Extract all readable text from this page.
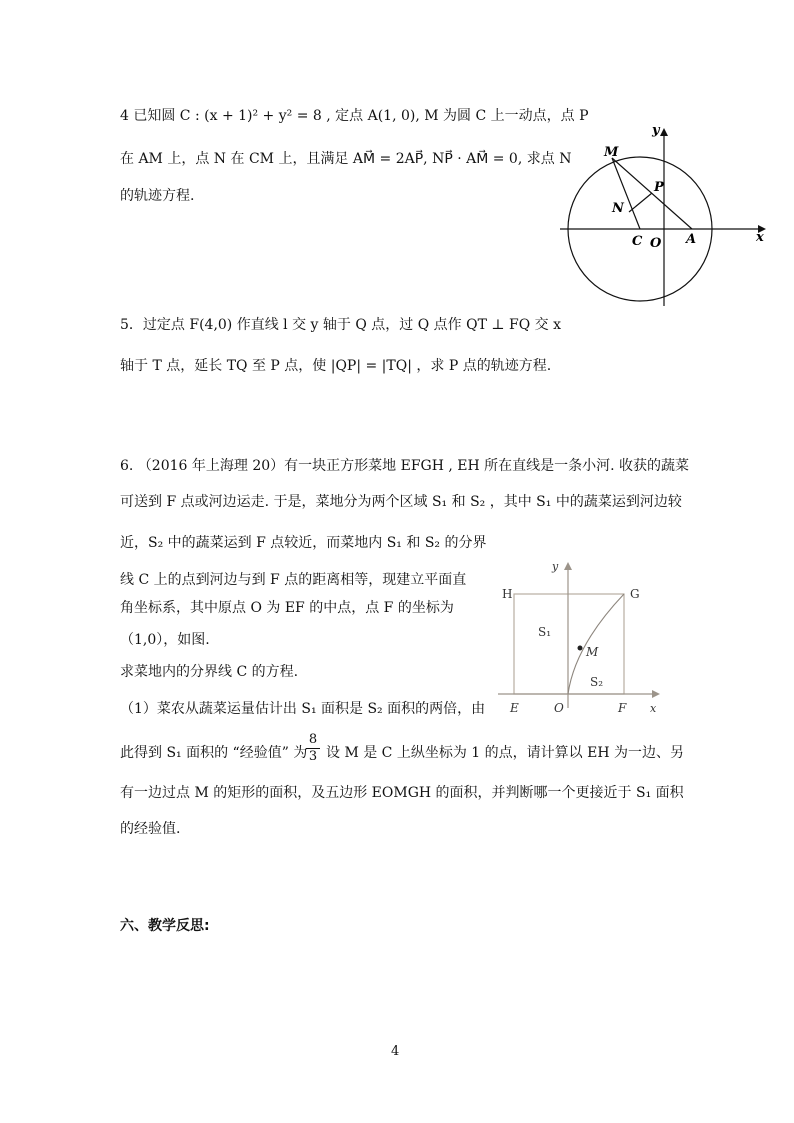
4 已知圆 C : (x + 1)² + y² = 8 , 定点 A(1, 0), M 为圆 C 上一动点，点 P
在 AM 上，点 N 在 CM 上，且满足 AM⃗ = 2AP⃗, NP⃗ · AM⃗ = 0, 求点 N
的轨迹方程.
M
P
N
C O A	x
y
5．过定点 F(4,0) 作直线 l 交 y 轴于 Q 点，过 Q 点作 QT ⊥ FQ 交 x
轴于 T 点，延长 TQ 至 P 点，使 |QP| = |TQ| ，求 P 点的轨迹方程.
6. （2016 年上海理 20）有一块正方形菜地 EFGH , EH 所在直线是一条小河. 收获的蔬菜
可送到 F 点或河边运走. 于是，菜地分为两个区域 S₁ 和 S₂ ，其中 S₁ 中的蔬菜运到河边较
近，S₂ 中的蔬菜运到 F 点较近，而菜地内 S₁ 和 S₂ 的分界
线 C 上的点到河边与到 F 点的距离相等，现建立平面直
角坐标系，其中原点 O 为 EF 的中点，点 F 的坐标为
（1,0），如图.
求菜地内的分界线 C 的方程.
（1）菜农从蔬菜运量估计出 S₁ 面积是 S₂ 面积的两倍，由
此得到 S₁ 面积的 “经验值” 为
$\frac{8}{3}$ 设 M 是 C 上纵坐标为 1 的点，请计算以 EH 为一边、另
有一边过点 M 的矩形的面积，及五边形 EOMGH 的面积，并判断哪一个更接近于 S₁ 面积
的经验值.
H	G
S₁
S₂
M
E	O	F x
y
六、教学反思:
4
